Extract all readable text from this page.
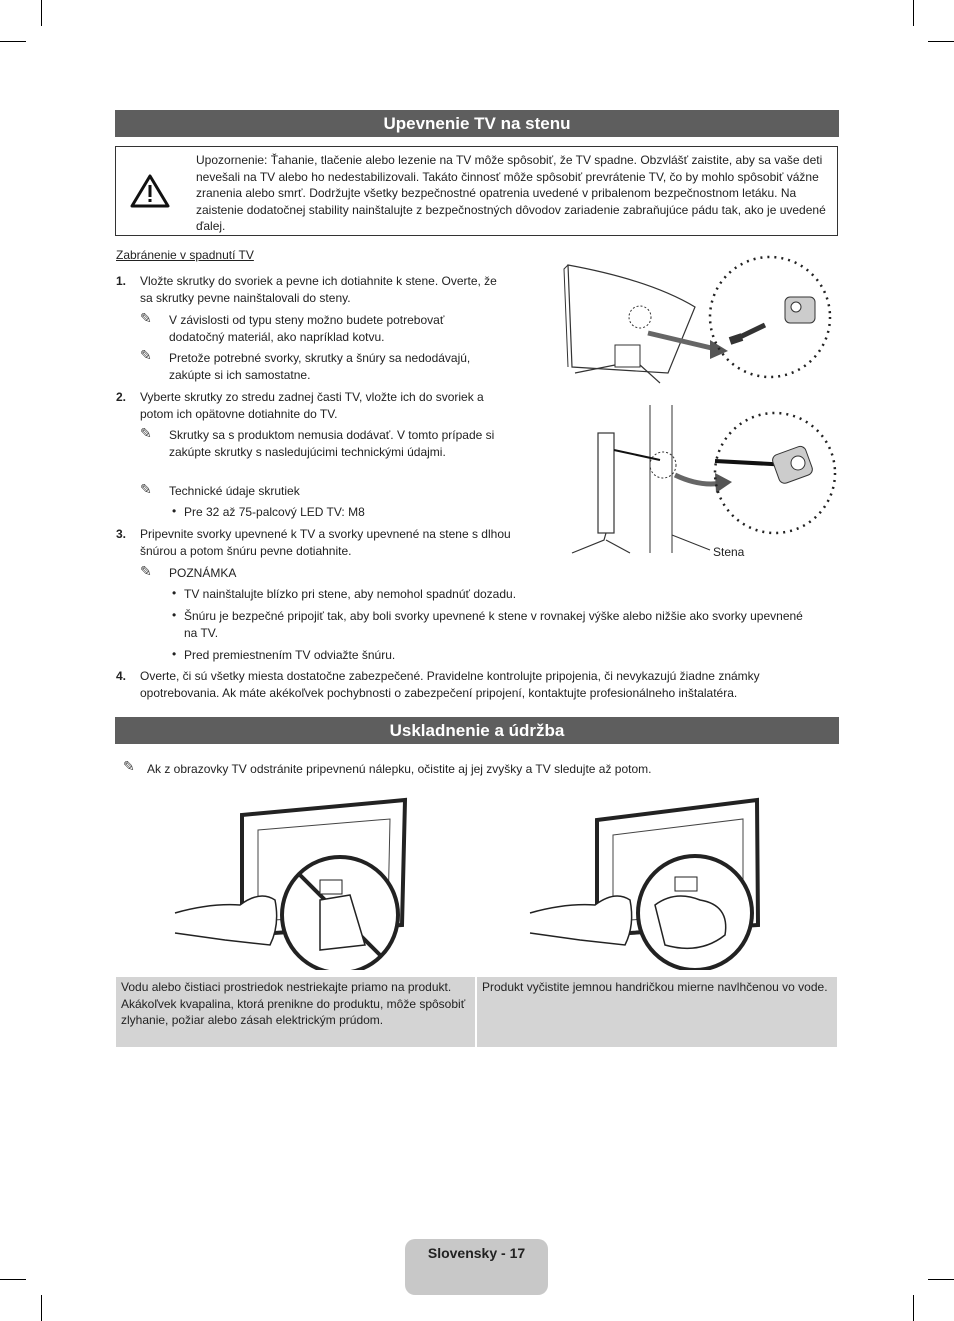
Upevnenie TV na stenu
Upozornenie: Ťahanie, tlačenie alebo lezenie na TV môže spôsobiť, že TV spadne. Obzvlášť zaistite, aby sa vaše deti nevešali na TV alebo ho nedestabilizovali. Takáto činnosť môže spôsobiť prevrátenie TV, čo by mohlo spôsobiť vážne zranenia alebo smrť. Dodržujte všetky bezpečnostné opatrenia uvedené v pribalenom bezpečnostnom letáku. Na zaistenie dodatočnej stability nainštalujte z bezpečnostných dôvodov zariadenie zabraňujúce pádu tak, ako je uvedené ďalej.
Zabránenie v spadnutí TV
1. Vložte skrutky do svoriek a pevne ich dotiahnite k stene. Overte, že sa skrutky pevne nainštalovali do steny.
✎ V závislosti od typu steny možno budete potrebovať dodatočný materiál, ako napríklad kotvu.
✎ Pretože potrebné svorky, skrutky a šnúry sa nedodávajú, zakúpte si ich samostatne.
2. Vyberte skrutky zo stredu zadnej časti TV, vložte ich do svoriek a potom ich opätovne dotiahnite do TV.
✎ Skrutky sa s produktom nemusia dodávať. V tomto prípade si zakúpte skrutky s nasledujúcimi technickými údajmi.
✎ Technické údaje skrutiek
• Pre 32 až 75-palcový LED TV: M8
3. Pripevnite svorky upevnené k TV a svorky upevnené na stene s dlhou šnúrou a potom šnúru pevne dotiahnite.
✎ POZNÁMKA
• TV nainštalujte blízko pri stene, aby nemohol spadnúť dozadu.
• Šnúru je bezpečné pripojiť tak, aby boli svorky upevnené k stene v rovnakej výške alebo nižšie ako svorky upevnené na TV.
• Pred premiestnením TV odviažte šnúru.
4. Overte, či sú všetky miesta dostatočne zabezpečené. Pravidelne kontrolujte pripojenia, či nevykazujú žiadne známky opotrebovania. Ak máte akékoľvek pochybnosti o zabezpečení pripojení, kontaktujte profesionálneho inštalatéra.
Stena
Uskladnenie a údržba
✎ Ak z obrazovky TV odstránite pripevnenú nálepku, očistite aj jej zvyšky a TV sledujte až potom.
Vodu alebo čistiaci prostriedok nestriekajte priamo na produkt. Akákoľvek kvapalina, ktorá prenikne do produktu, môže spôsobiť zlyhanie, požiar alebo zásah elektrickým prúdom.
Produkt vyčistite jemnou handričkou mierne navlhčenou vo vode.
Slovensky - 17
